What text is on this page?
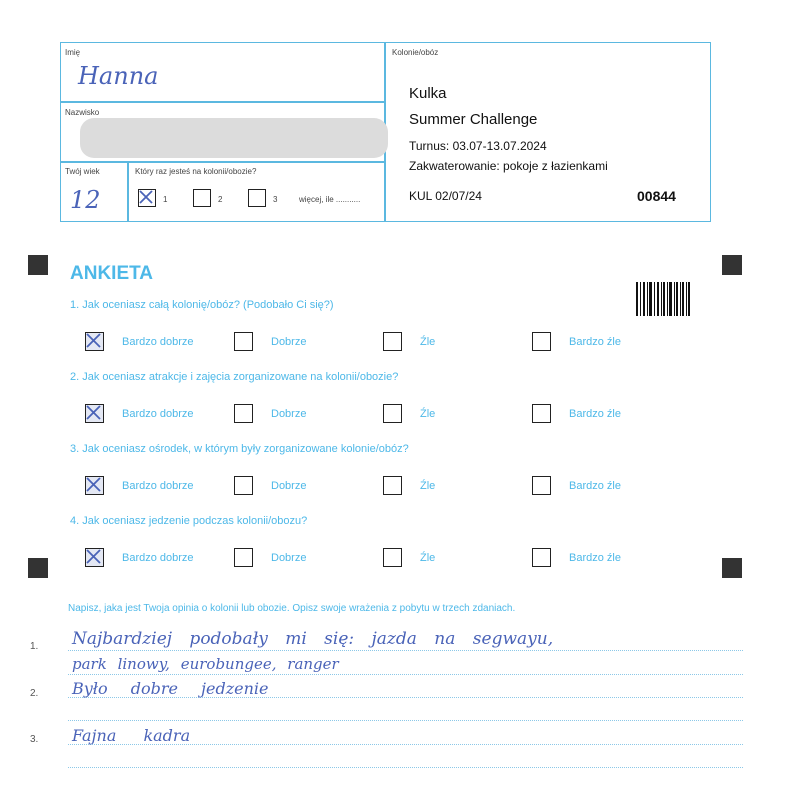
Imię
Hanna
Nazwisko
Twój wiek
12
Który raz jesteś na kolonii/obozie?
1	2	3	więcej, ile ...........
Kolonie/obóz
Kulka
Summer Challenge
Turnus: 03.07-13.07.2024
Zakwaterowanie: pokoje z łazienkami
KUL 02/07/24	00844
ANKIETA
1. Jak oceniasz całą kolonię/obóz? (Podobało Ci się?)
Bardzo dobrze	Dobrze	Źle	Bardzo źle
2. Jak oceniasz atrakcje i zajęcia zorganizowane na kolonii/obozie?
Bardzo dobrze	Dobrze	Źle	Bardzo źle
3. Jak oceniasz ośrodek, w którym były zorganizowane kolonie/obóz?
Bardzo dobrze	Dobrze	Źle	Bardzo źle
4. Jak oceniasz jedzenie podczas kolonii/obozu?
Bardzo dobrze	Dobrze	Źle	Bardzo źle
Napisz, jaka jest Twoja opinia o kolonii lub obozie. Opisz swoje wrażenia z pobytu w trzech zdaniach.
1.
2.
3.
Najbardziej podobały mi się: jazda na segwayu,
park linowy, eurobungee, ranger
Było dobre jedzenie
Fajna kadra
